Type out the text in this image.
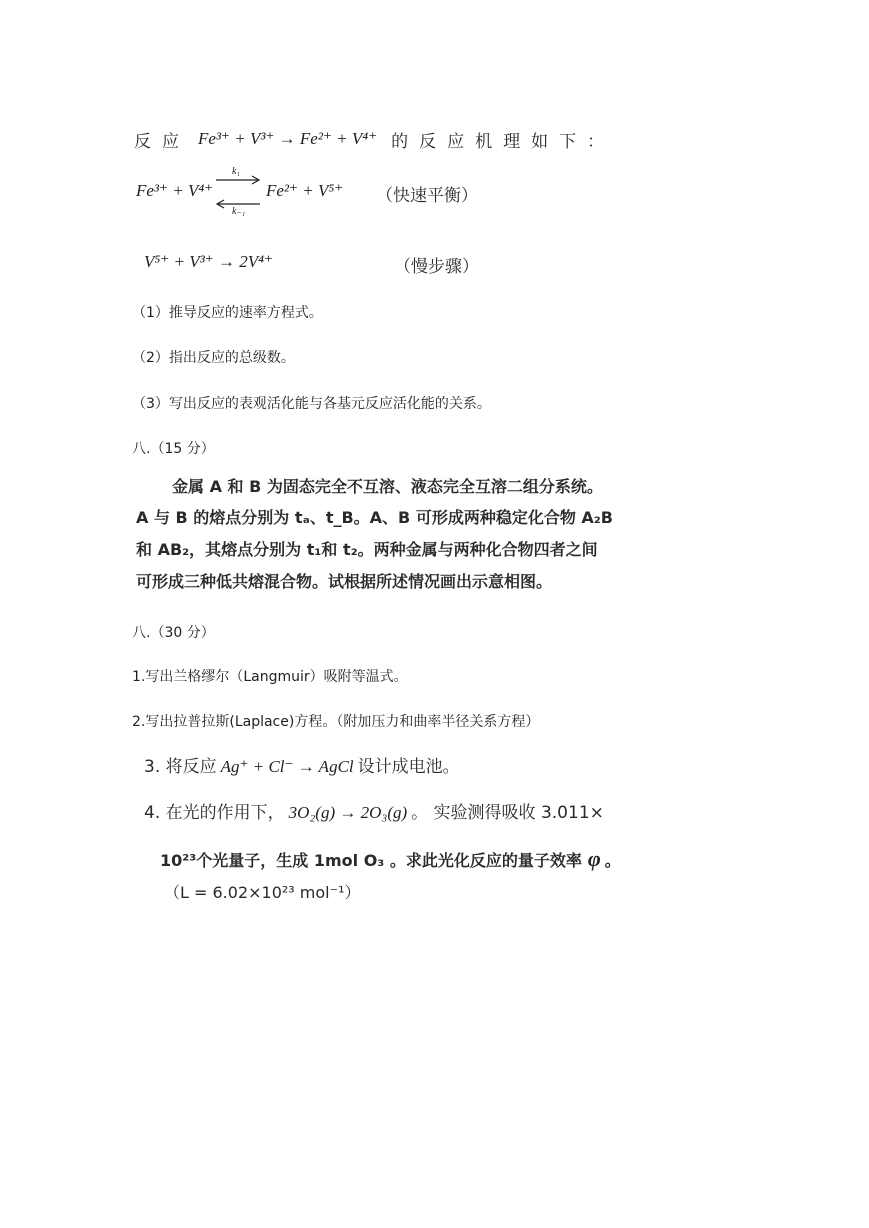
反应 Fe³⁺ + V³⁺ → Fe²⁺ + V⁴⁺ 的反应机理如下：
Fe³⁺ + V⁴⁺
k₁
k₋₁
Fe²⁺ + V⁵⁺ （快速平衡）
V⁵⁺ + V³⁺ → 2V⁴⁺	（慢步骤）
（1）推导反应的速率方程式。
（2）指出反应的总级数。
（3）写出反应的表观活化能与各基元反应活化能的关系。
八.（15 分）
金属 A 和 B 为固态完全不互溶、液态完全互溶二组分系统。
A 与 B 的熔点分别为 tₐ、t_B。A、B 可形成两种稳定化合物 A₂B
和 AB₂，其熔点分别为 t₁和 t₂。两种金属与两种化合物四者之间
可形成三种低共熔混合物。试根据所述情况画出示意相图。
八.（30 分）
1.写出兰格缪尔（Langmuir）吸附等温式。
2.写出拉普拉斯(Laplace)方程。（附加压力和曲率半径关系方程）
3. 将反应 Ag⁺ + Cl⁻ → AgCl 设计成电池。
4. 在光的作用下， 3O₂(g) → 2O₃(g) 。 实验测得吸收 3.011×
10²³个光量子，生成 1mol O₃ 。求此光化反应的量子效率 φ 。
（L = 6.02×10²³ mol⁻¹）
